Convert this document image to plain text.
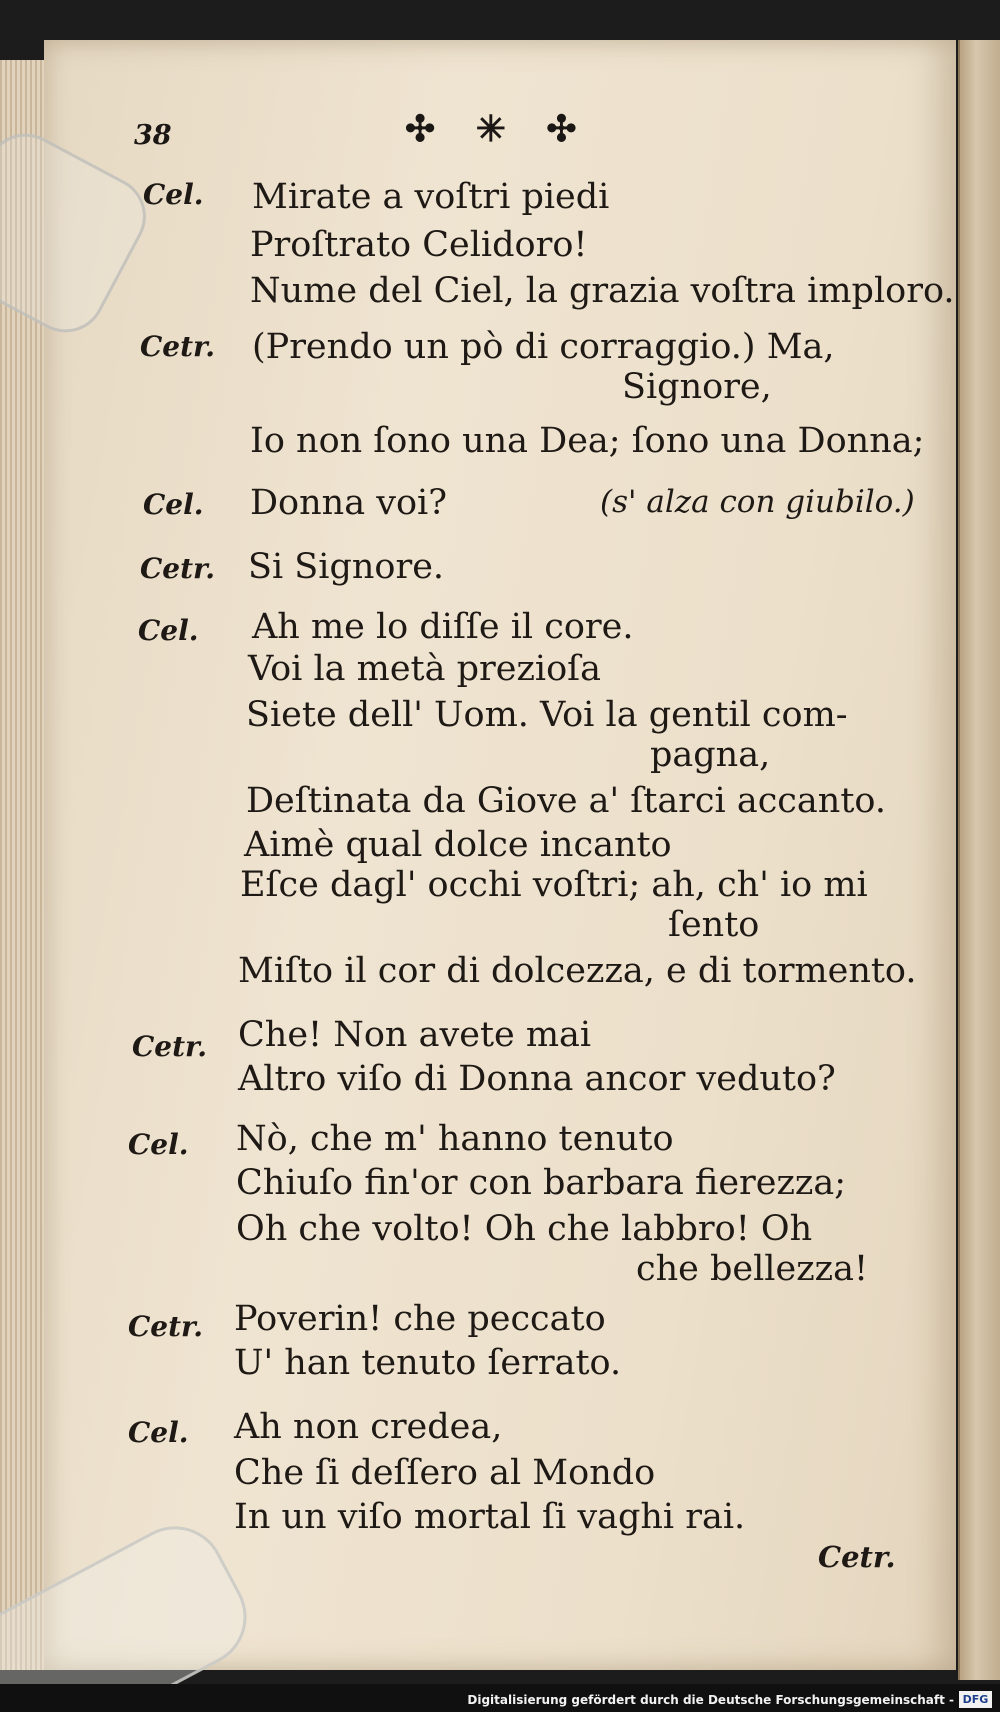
38	✣ ✳ ✣
Cel.
Cetr.
Cel.
Cetr.
Cel.
Cetr.
Cel.
Cetr.
Cel.
Mirate a voſtri piedi
Proſtrato Celidoro!
Nume del Ciel, la grazia voſtra imploro.
(Prendo un pò di corraggio.) Ma,
Signore,
Io non ſono una Dea; ſono una Donna;
Donna voi?	(s' alza con giubilo.)
Si Signore.
Ah me lo diſſe il core.
Voi la metà prezioſa
Siete dell' Uom. Voi la gentil com-
pagna,
Deſtinata da Giove a' ſtarci accanto.
Aimè qual dolce incanto
Eſce dagl' occhi voſtri; ah, ch' io mi
ſento
Miſto il cor di dolcezza, e di tormento.
Che! Non avete mai
Altro viſo di Donna ancor veduto?
Nò, che m' hanno tenuto
Chiuſo fin'or con barbara fierezza;
Oh che volto! Oh che labbro! Oh
che bellezza!
Poverin! che peccato
U' han tenuto ſerrato.
Ah non credea,
Che ſi deſſero al Mondo
In un viſo mortal ſi vaghi rai.
Cetr.
Digitalisierung gefördert durch die Deutsche Forschungsgemeinschaft - DFG
